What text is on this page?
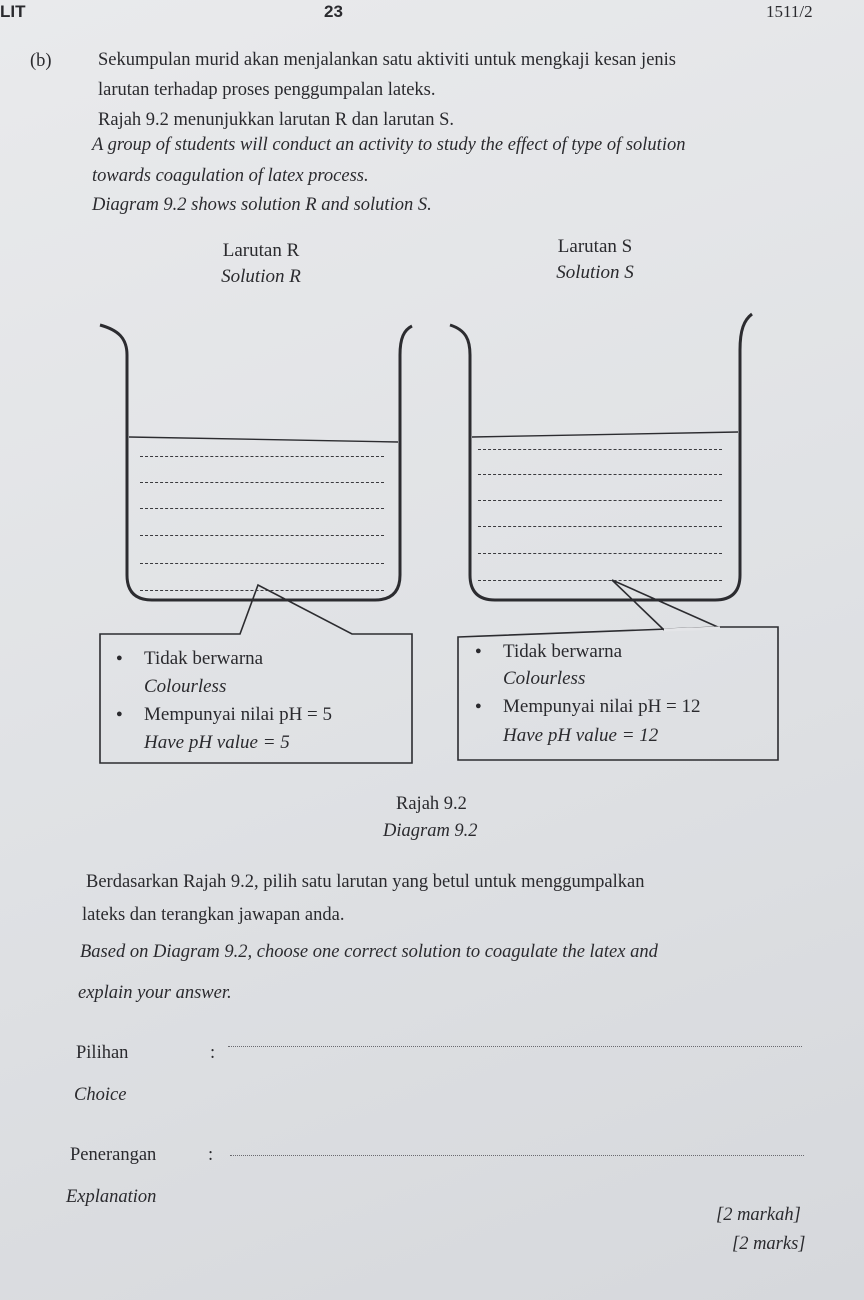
LIT	23	1511/2
(b)	Sekumpulan murid akan menjalankan satu aktiviti untuk mengkaji kesan jenis
larutan terhadap proses penggumpalan lateks.
Rajah 9.2 menunjukkan larutan R dan larutan S.
A group of students will conduct an activity to study the effect of type of solution
towards coagulation of latex process.
Diagram 9.2 shows solution R and solution S.
Larutan R
Solution R
Larutan S
Solution S
● Tidak berwarna
Colourless
● Mempunyai nilai pH = 5
Have pH value = 5
● Tidak berwarna
Colourless
● Mempunyai nilai pH = 12
Have pH value = 12
Rajah 9.2
Diagram 9.2
Berdasarkan Rajah 9.2, pilih satu larutan yang betul untuk menggumpalkan
lateks dan terangkan jawapan anda.
Based on Diagram 9.2, choose one correct solution to coagulate the latex and
explain your answer.
Pilihan	:
Choice
Penerangan	:
Explanation
[2 markah]
[2 marks]
